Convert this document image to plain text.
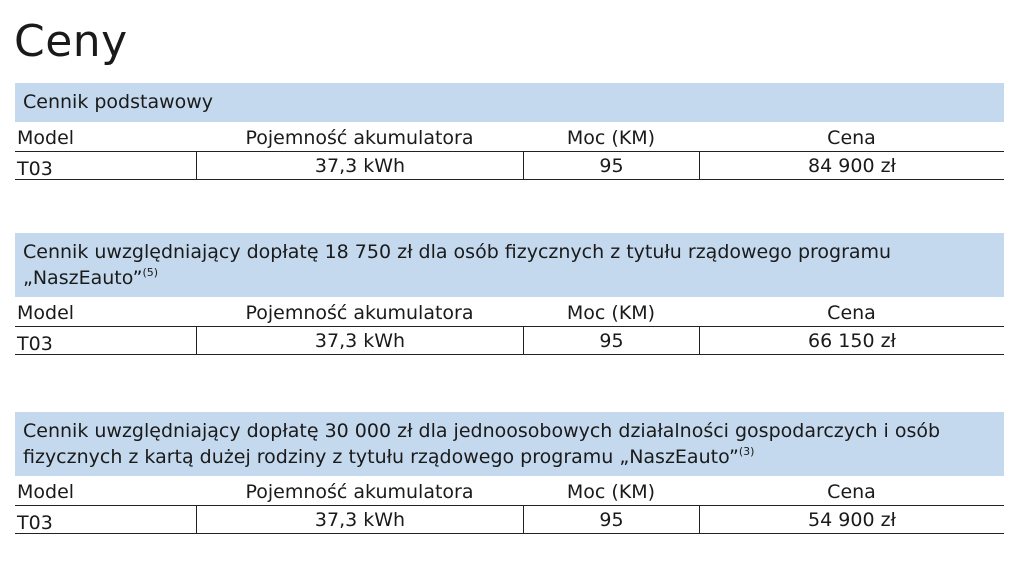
Ceny
Cennik podstawowy
Model	Pojemność akumulatora	Moc (KM)	Cena
T03	37,3 kWh	95	84 900 zł
Cennik uwzględniający dopłatę 18 750 zł dla osób fizycznych z tytułu rządowego programu „NaszEauto”$^{(5)}$
Model	Pojemność akumulatora	Moc (KM)	Cena
T03	37,3 kWh	95	66 150 zł
Cennik uwzględniający dopłatę 30 000 zł dla jednoosobowych działalności gospodarczych i osób fizycznych z kartą dużej rodziny z tytułu rządowego programu „NaszEauto”$^{(3)}$
Model	Pojemność akumulatora	Moc (KM)	Cena
T03	37,3 kWh	95	54 900 zł
